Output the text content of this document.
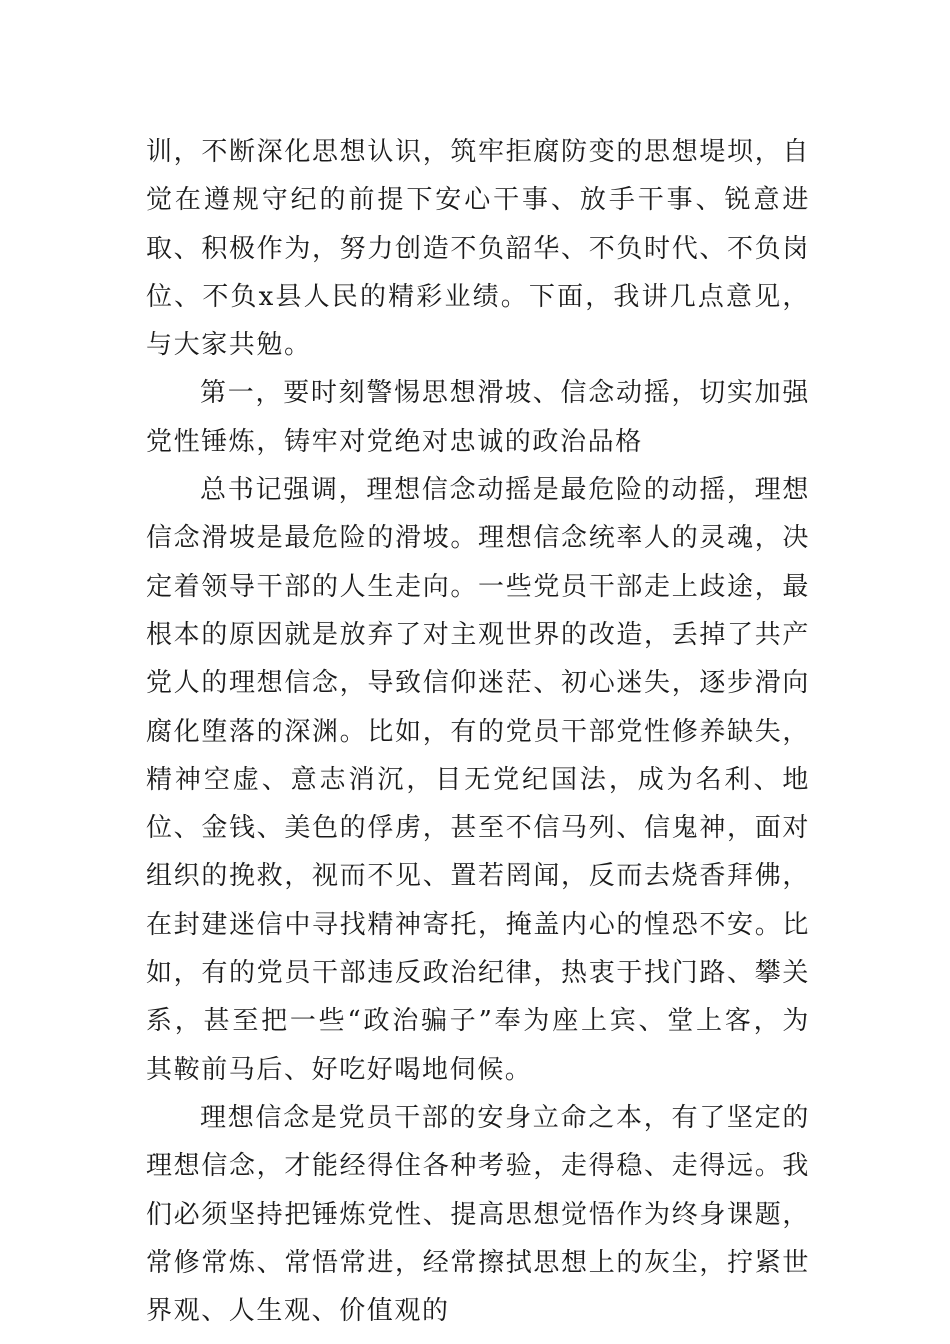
训，不断深化思想认识，筑牢拒腐防变的思想堤坝，自觉在遵规守纪的前提下安心干事、放手干事、锐意进取、积极作为，努力创造不负韶华、不负时代、不负岗位、不负x县人民的精彩业绩。下面，我讲几点意见，与大家共勉。

第一，要时刻警惕思想滑坡、信念动摇，切实加强党性锤炼，铸牢对党绝对忠诚的政治品格

总书记强调，理想信念动摇是最危险的动摇，理想信念滑坡是最危险的滑坡。理想信念统率人的灵魂，决定着领导干部的人生走向。一些党员干部走上歧途，最根本的原因就是放弃了对主观世界的改造，丢掉了共产党人的理想信念，导致信仰迷茫、初心迷失，逐步滑向腐化堕落的深渊。比如，有的党员干部党性修养缺失，精神空虚、意志消沉，目无党纪国法，成为名利、地位、金钱、美色的俘虏，甚至不信马列、信鬼神，面对组织的挽救，视而不见、置若罔闻，反而去烧香拜佛，在封建迷信中寻找精神寄托，掩盖内心的惶恐不安。比如，有的党员干部违反政治纪律，热衷于找门路、攀关系，甚至把一些“政治骗子”奉为座上宾、堂上客，为其鞍前马后、好吃好喝地伺候。

理想信念是党员干部的安身立命之本，有了坚定的理想信念，才能经得住各种考验，走得稳、走得远。我们必须坚持把锤炼党性、提高思想觉悟作为终身课题，常修常炼、常悟常进，经常擦拭思想上的灰尘，拧紧世界观、人生观、价值观的
